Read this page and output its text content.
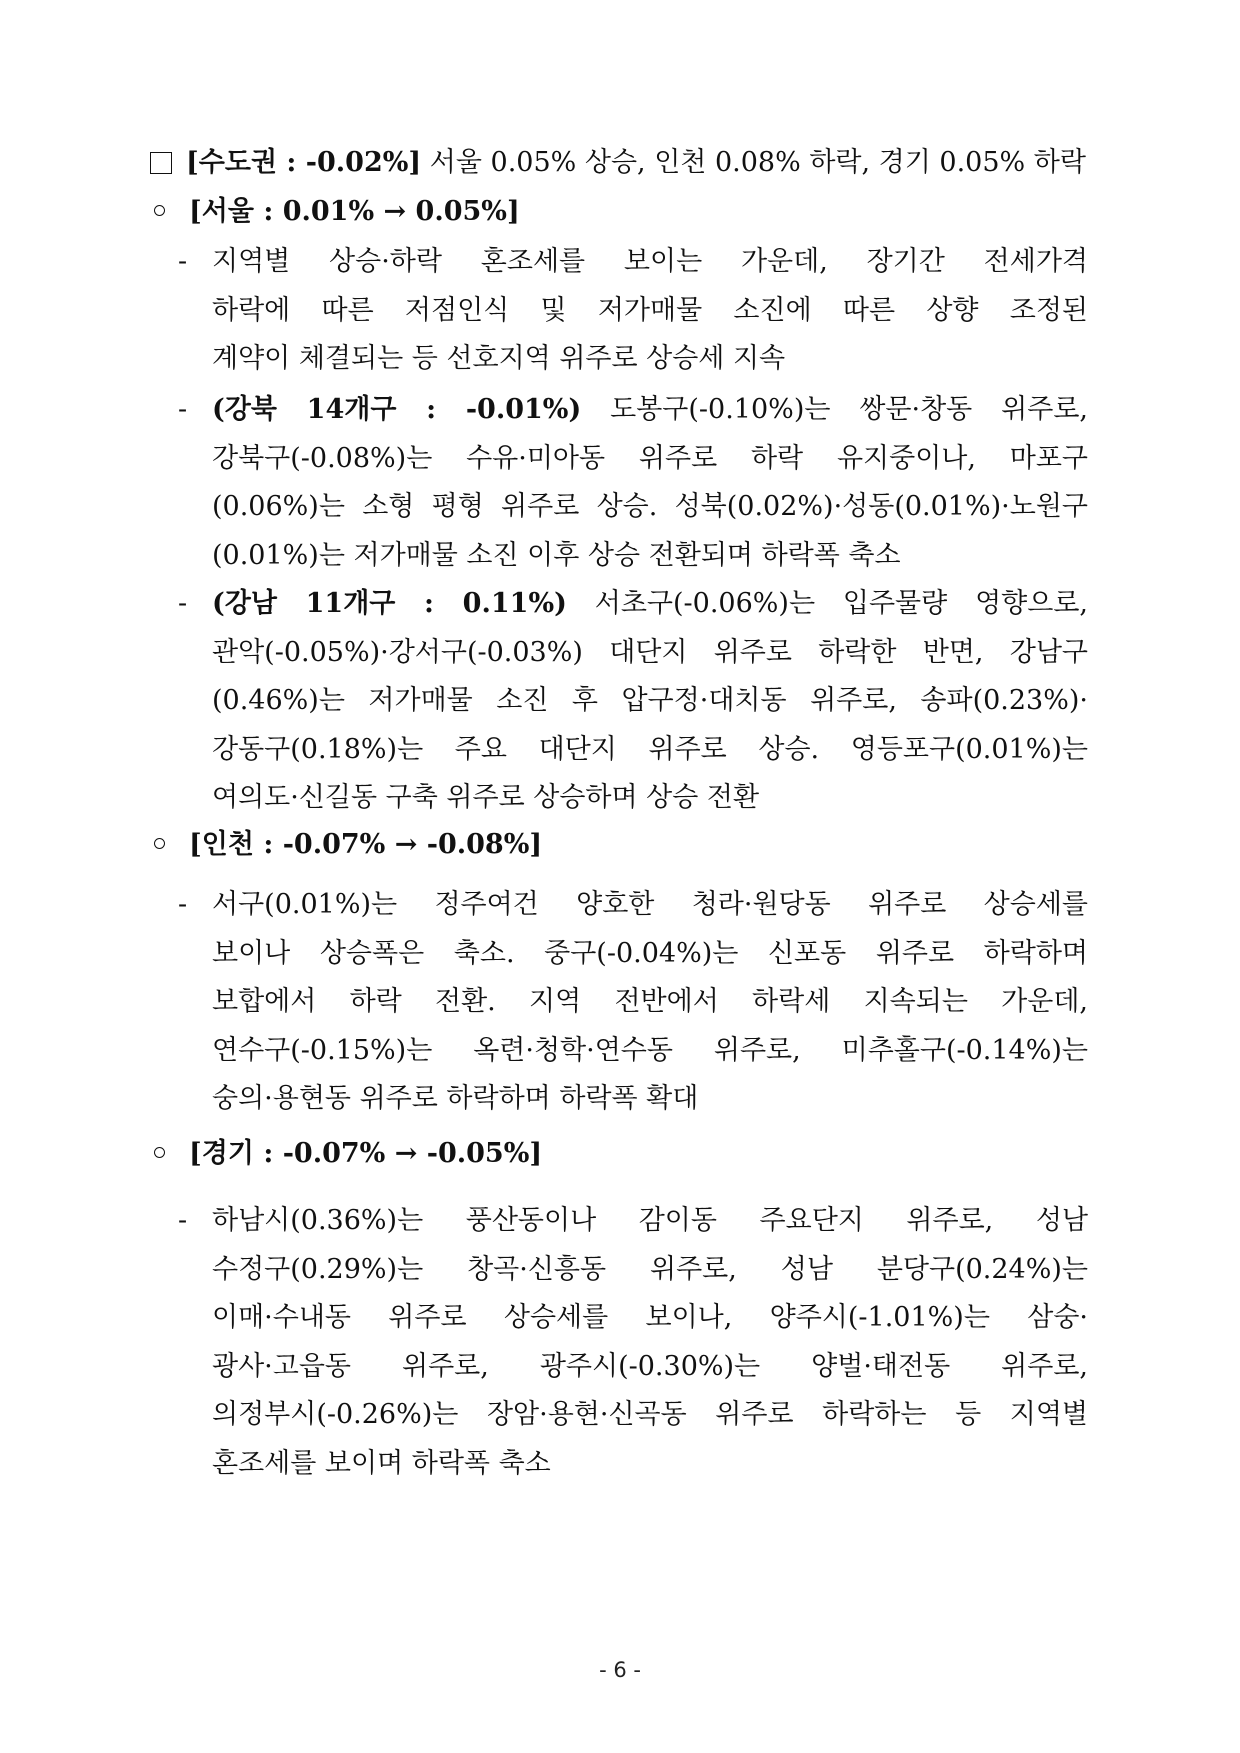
[수도권 : -0.02%] 서울 0.05% 상승, 인천 0.08% 하락, 경기 0.05% 하락
[서울 : 0.01% → 0.05%]
- 지역별 상승·하락 혼조세를 보이는 가운데, 장기간 전세가격
하락에 따른 저점인식 및 저가매물 소진에 따른 상향 조정된
계약이 체결되는 등 선호지역 위주로 상승세 지속
- (강북 14개구 : -0.01%) 도봉구(-0.10%)는 쌍문·창동 위주로,
강북구(-0.08%)는 수유·미아동 위주로 하락 유지중이나, 마포구
(0.06%)는 소형 평형 위주로 상승. 성북(0.02%)·성동(0.01%)·노원구
(0.01%)는 저가매물 소진 이후 상승 전환되며 하락폭 축소
- (강남 11개구 : 0.11%) 서초구(-0.06%)는 입주물량 영향으로,
관악(-0.05%)·강서구(-0.03%) 대단지 위주로 하락한 반면, 강남구
(0.46%)는 저가매물 소진 후 압구정·대치동 위주로, 송파(0.23%)·
강동구(0.18%)는 주요 대단지 위주로 상승. 영등포구(0.01%)는
여의도·신길동 구축 위주로 상승하며 상승 전환
[인천 : -0.07% → -0.08%]
- 서구(0.01%)는 정주여건 양호한 청라·원당동 위주로 상승세를
보이나 상승폭은 축소. 중구(-0.04%)는 신포동 위주로 하락하며
보합에서 하락 전환. 지역 전반에서 하락세 지속되는 가운데,
연수구(-0.15%)는 옥련·청학·연수동 위주로, 미추홀구(-0.14%)는
숭의·용현동 위주로 하락하며 하락폭 확대
[경기 : -0.07% → -0.05%]
- 하남시(0.36%)는 풍산동이나 감이동 주요단지 위주로, 성남
수정구(0.29%)는 창곡·신흥동 위주로, 성남 분당구(0.24%)는
이매·수내동 위주로 상승세를 보이나, 양주시(-1.01%)는 삼숭·
광사·고읍동 위주로, 광주시(-0.30%)는 양벌·태전동 위주로,
의정부시(-0.26%)는 장암·용현·신곡동 위주로 하락하는 등 지역별
혼조세를 보이며 하락폭 축소
- 6 -
